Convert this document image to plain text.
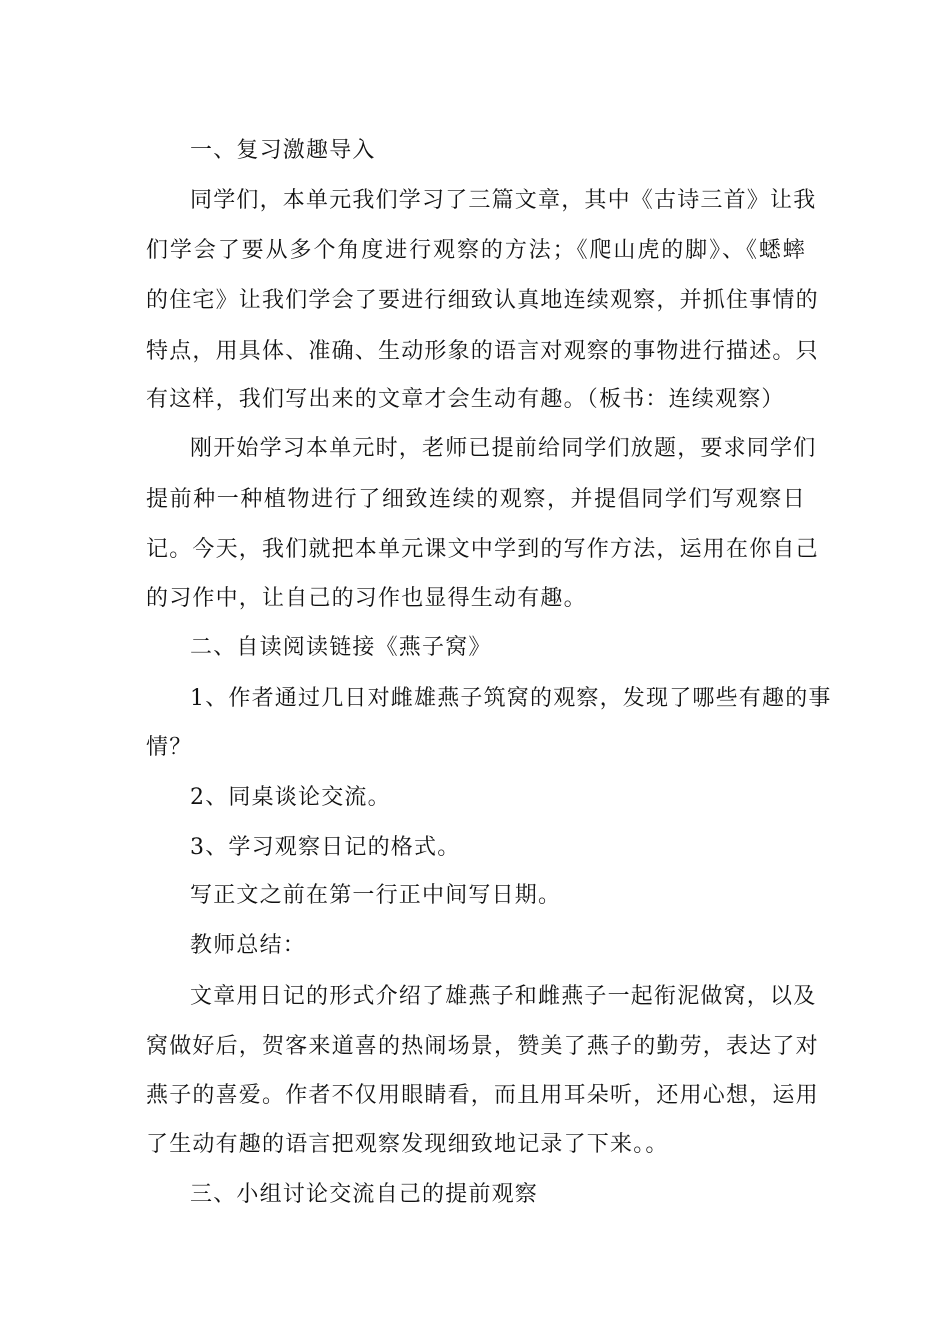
一、复习激趣导入
同学们，本单元我们学习了三篇文章，其中《古诗三首》让我
们学会了要从多个角度进行观察的方法；《爬山虎的脚》、《蟋蟀
的住宅》让我们学会了要进行细致认真地连续观察，并抓住事情的
特点，用具体、准确、生动形象的语言对观察的事物进行描述。只
有这样，我们写出来的文章才会生动有趣。（板书：连续观察）
刚开始学习本单元时，老师已提前给同学们放题，要求同学们
提前种一种植物进行了细致连续的观察，并提倡同学们写观察日
记。今天，我们就把本单元课文中学到的写作方法，运用在你自己
的习作中，让自己的习作也显得生动有趣。
二、自读阅读链接《燕子窝》
1、作者通过几日对雌雄燕子筑窝的观察，发现了哪些有趣的事
情？
2、同桌谈论交流。
3、学习观察日记的格式。
写正文之前在第一行正中间写日期。
教师总结：
文章用日记的形式介绍了雄燕子和雌燕子一起衔泥做窝，以及
窝做好后，贺客来道喜的热闹场景，赞美了燕子的勤劳，表达了对
燕子的喜爱。作者不仅用眼睛看，而且用耳朵听，还用心想，运用
了生动有趣的语言把观察发现细致地记录了下来。。
三、小组讨论交流自己的提前观察
